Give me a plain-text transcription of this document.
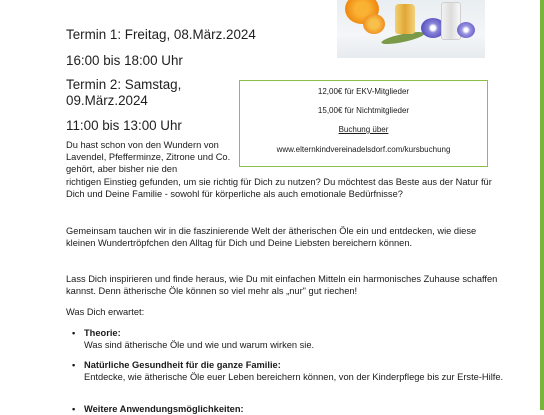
Termin 1: Freitag, 08.März.2024
16:00 bis 18:00 Uhr
Termin 2: Samstag,
09.März.2024
11:00 bis 13:00 Uhr
12,00€ für EKV-Mitglieder
15,00€ für Nichtmitglieder
Buchung über
www.elternkindvereinadelsdorf.com/kursbuchung
Du hast schon von den Wundern von Lavendel, Pfefferminze, Zitrone und Co. gehört, aber bisher nie den
richtigen Einstieg gefunden, um sie richtig für Dich zu nutzen? Du möchtest das Beste aus der Natur für Dich und Deine Familie - sowohl für körperliche als auch emotionale Bedürfnisse?
Gemeinsam tauchen wir in die faszinierende Welt der ätherischen Öle ein und entdecken, wie diese kleinen Wundertröpfchen den Alltag für Dich und Deine Liebsten bereichern können.
Lass Dich inspirieren und finde heraus, wie Du mit einfachen Mitteln ein harmonisches Zuhause schaffen kannst. Denn ätherische Öle können so viel mehr als „nur" gut riechen!
Was Dich erwartet:
• Theorie:
Was sind ätherische Öle und wie und warum wirken sie.
• Natürliche Gesundheit für die ganze Familie:
Entdecke, wie ätherische Öle euer Leben bereichern können, von der Kinderpflege bis zur Erste-Hilfe.
• Weitere Anwendungsmöglichkeiten:
